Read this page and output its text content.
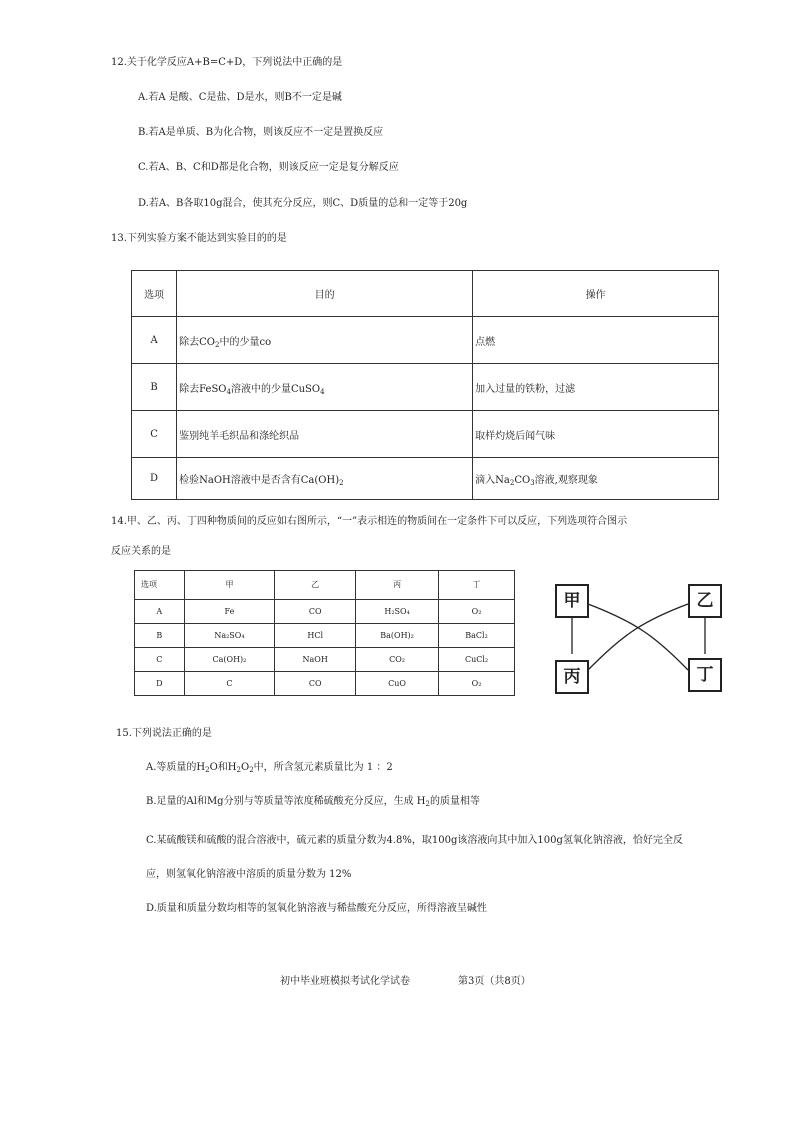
12.关于化学反应A+B=C+D，下列说法中正确的是
A.若A 是酸、C是盐、D是水，则B不一定是碱
B.若A是单质、B为化合物，则该反应不一定是置换反应
C.若A、B、C和D都是化合物，则该反应一定是复分解反应
D.若A、B各取10g混合，使其充分反应，则C、D质量的总和一定等于20g
13.下列实验方案不能达到实验目的的是
选项	目的	操作
A	除去$CO_2$中的少量co	点燃
B	除去FeSO$_4$溶液中的少量CuSO$_4$	加入过量的铁粉，过滤
C	鉴别纯羊毛织品和涤纶织品	取样灼烧后闻气味
D	检验NaOH溶液中是否含有$Ca(OH)_2$	滴入$Na_2CO_3$溶液,观察现象
14.甲、乙、丙、丁四种物质间的反应如右图所示，“一”表示相连的物质间在一定条件下可以反应，下列选项符合图示
反应关系的是
选项	甲	乙	丙	丁
A	Fe	CO	H₂SO₄	O₂
B	Na₂SO₄	HCl	Ba(OH)₂	BaCl₂
C	Ca(OH)₂	NaOH	CO₂	CuCl₂
D	C	CO	CuO	O₂
甲	乙
丙	丁
15.下列说法正确的是
A.等质量的$H_2O$和$H_2O_2$中，所含氢元素质量比为 1 ：2
B.足量的Al和Mg分别与等质量等浓度稀硫酸充分反应，生成 $H_2$的质量相等
C.某硫酸镁和硫酸的混合溶液中，硫元素的质量分数为4.8%，取100g该溶液向其中加入100g氢氧化钠溶液，恰好完全反
应，则氢氧化钠溶液中溶质的质量分数为 12%
D.质量和质量分数均相等的氢氧化钠溶液与稀盐酸充分反应，所得溶液呈碱性
初中毕业班模拟考试化学试卷	第3页（共8页）
